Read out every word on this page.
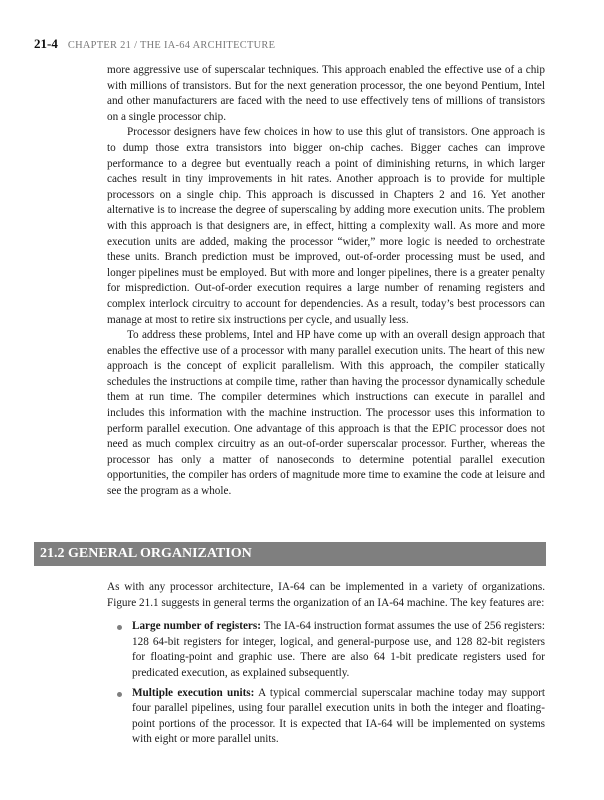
21-4 CHAPTER 21 / THE IA-64 ARCHITECTURE

more aggressive use of superscalar techniques. This approach enabled the effective use of a chip with millions of transistors. But for the next generation processor, the one beyond Pentium, Intel and other manufacturers are faced with the need to use effectively tens of millions of transistors on a single processor chip.

Processor designers have few choices in how to use this glut of transistors. One approach is to dump those extra transistors into bigger on-chip caches. Bigger caches can improve performance to a degree but eventually reach a point of diminishing returns, in which larger caches result in tiny improvements in hit rates. Another approach is to provide for multiple processors on a single chip. This approach is discussed in Chapters 2 and 16. Yet another alternative is to increase the degree of superscaling by adding more execution units. The problem with this approach is that designers are, in effect, hitting a complexity wall. As more and more execution units are added, making the processor “wider,” more logic is needed to orchestrate these units. Branch prediction must be improved, out-of-order processing must be used, and longer pipelines must be employed. But with more and longer pipelines, there is a greater penalty for misprediction. Out-of-order execution requires a large number of renaming registers and complex interlock circuitry to account for dependencies. As a result, today’s best processors can manage at most to retire six instructions per cycle, and usually less.

To address these problems, Intel and HP have come up with an overall design approach that enables the effective use of a processor with many parallel execution units. The heart of this new approach is the concept of explicit parallelism. With this approach, the compiler statically schedules the instructions at compile time, rather than having the processor dynamically schedule them at run time. The compiler determines which instructions can execute in parallel and includes this information with the machine instruction. The processor uses this information to perform parallel execution. One advantage of this approach is that the EPIC processor does not need as much complex circuitry as an out-of-order superscalar processor. Further, whereas the processor has only a matter of nanoseconds to determine potential parallel execution opportunities, the compiler has orders of magnitude more time to examine the code at leisure and see the program as a whole.

21.2 GENERAL ORGANIZATION

As with any processor architecture, IA-64 can be implemented in a variety of organizations. Figure 21.1 suggests in general terms the organization of an IA-64 machine. The key features are:

Large number of registers: The IA-64 instruction format assumes the use of 256 registers: 128 64-bit registers for integer, logical, and general-purpose use, and 128 82-bit registers for floating-point and graphic use. There are also 64 1-bit predicate registers used for predicated execution, as explained subsequently.
Multiple execution units: A typical commercial superscalar machine today may support four parallel pipelines, using four parallel execution units in both the integer and floating-point portions of the processor. It is expected that IA-64 will be implemented on systems with eight or more parallel units.
